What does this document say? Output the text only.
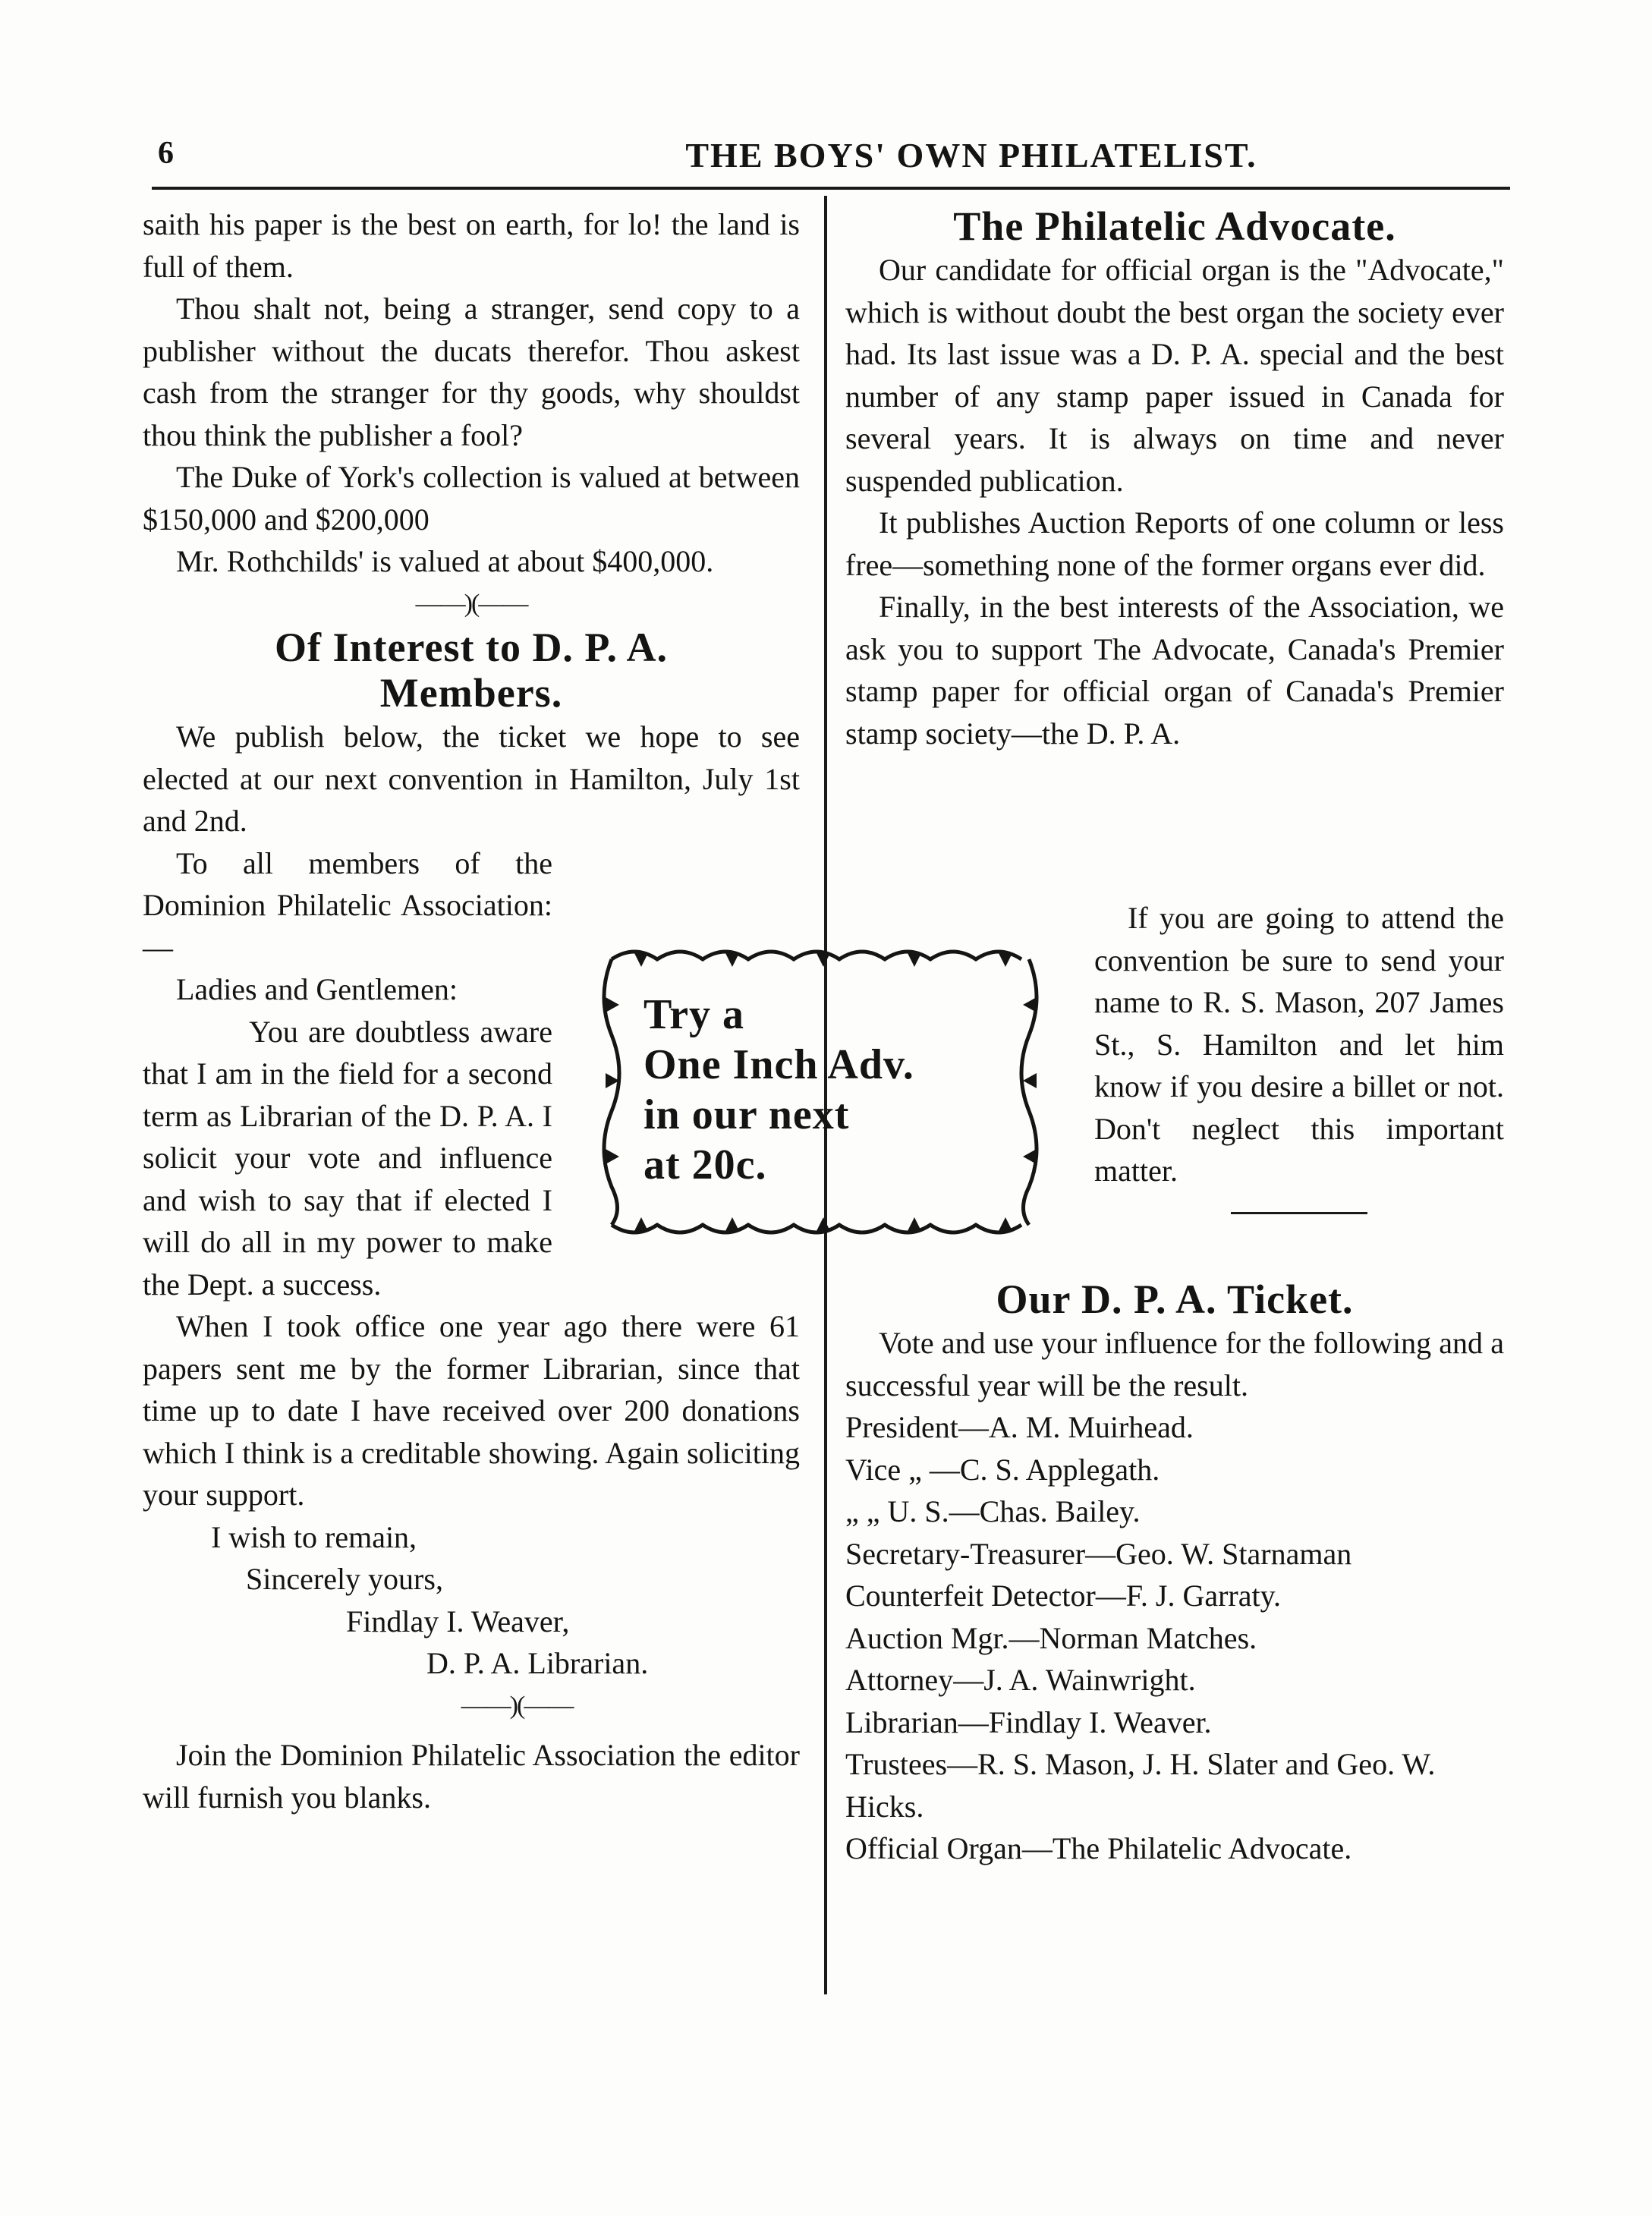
6	THE BOYS' OWN PHILATELIST.

saith his paper is the best on earth, for lo! the land is full of them.

Thou shalt not, being a stranger, send copy to a publisher without the ducats therefor. Thou askest cash from the stranger for thy goods, why shouldst thou think the publisher a fool?

The Duke of York's collection is valued at between $150,000 and $200,000

Mr. Rothchilds' is valued at about $400,000.

——)(——

Of Interest to D. P. A.
Members.

We publish below, the ticket we hope to see elected at our next convention in Hamilton, July 1st and 2nd.

To all members of the Dominion Philatelic Association:—

Ladies and Gentlemen:

You are doubtless aware that I am in the field for a second term as Librarian of the D. P. A. I solicit your vote and influence and wish to say that if elected I will do all in my power to make the Dept. a success.

When I took office one year ago there were 61 papers sent me by the former Librarian, since that time up to date I have received over 200 donations which I think is a creditable showing. Again soliciting your support.

I wish to remain,

Sincerely yours,

Findlay I. Weaver,

D. P. A. Librarian.

——)(——

Join the Dominion Philatelic Association the editor will furnish you blanks.

Try a
One Inch Adv.
in our next
at 20c.

The Philatelic Advocate.

Our candidate for official organ is the "Advocate," which is without doubt the best organ the society ever had. Its last issue was a D. P. A. special and the best number of any stamp paper issued in Canada for several years. It is always on time and never suspended publication.

It publishes Auction Reports of one column or less free—something none of the former organs ever did.

Finally, in the best interests of the Association, we ask you to support The Advocate, Canada's Premier stamp paper for official organ of Canada's Premier stamp society—the D. P. A.

If you are going to attend the convention be sure to send your name to R. S. Mason, 207 James St., S. Hamilton and let him know if you desire a billet or not. Don't neglect this important matter.

Our D. P. A. Ticket.

Vote and use your influence for the following and a successful year will be the result.

President—A. M. Muirhead.

Vice „ —C. S. Applegath.

„ „ U. S.—Chas. Bailey.

Secretary-Treasurer—Geo. W. Starnaman

Counterfeit Detector—F. J. Garraty.

Auction Mgr.—Norman Matches.

Attorney—J. A. Wainwright.

Librarian—Findlay I. Weaver.

Trustees—R. S. Mason, J. H. Slater and Geo. W. Hicks.

Official Organ—The Philatelic Advocate.
